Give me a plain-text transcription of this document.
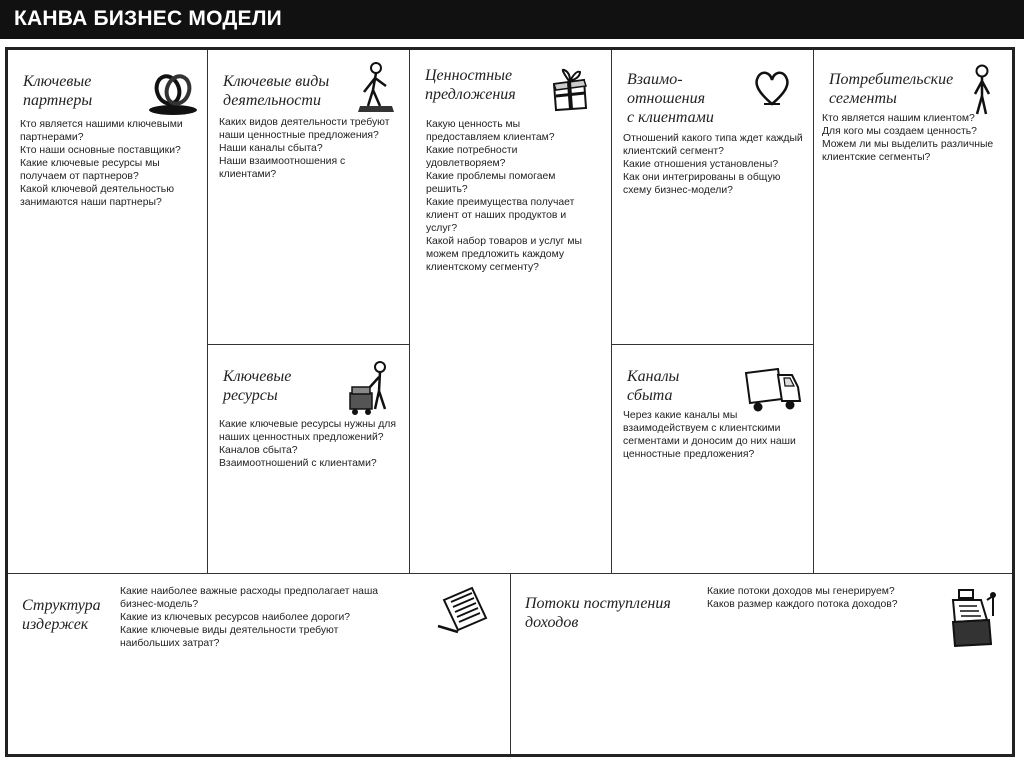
КАНВА БИЗНЕС МОДЕЛИ
Ключевые
партнеры
Кто является нашими ключевыми партнерами?
Кто наши основные поставщики?
Какие ключевые ресурсы мы получаем от партнеров?
Какой ключевой деятельностью занимаются наши партнеры?
Ключевые виды
деятельности
Каких видов деятельности требуют наши ценностные предложения?
Наши каналы сбыта?
Наши взаимоотношения с клиентами?
Ключевые
ресурсы
Какие ключевые ресурсы нужны для наших ценностных предложений?
Каналов сбыта?
Взаимоотношений с клиентами?
Ценностные
предложения
Какую ценность мы предоставляем клиентам?
Какие потребности удовлетворяем?
Какие проблемы помогаем решить?
Какие преимущества получает клиент от наших продуктов и услуг?
Какой набор товаров и услуг мы можем предложить каждому клиентскому сегменту?
Взаимо-
отношения
с клиентами
Отношений какого типа ждет каждый клиентский сегмент?
Какие отношения установлены?
Как они интегрированы в общую схему бизнес-модели?
Каналы
сбыта
Через какие каналы мы взаимодействуем с клиентскими сегментами и доносим до них наши ценностные предложения?
Потребительские
сегменты
Кто является нашим клиентом?
Для кого мы создаем ценность?
Можем ли мы выделить различные клиентские сегменты?
Структура
издержек
Какие наиболее важные расходы предполагает наша бизнес-модель?
Какие из ключевых ресурсов наиболее дороги?
Какие ключевые виды деятельности требуют наибольших затрат?
Потоки поступления
доходов
Какие потоки доходов мы генерируем?
Каков размер каждого потока доходов?
